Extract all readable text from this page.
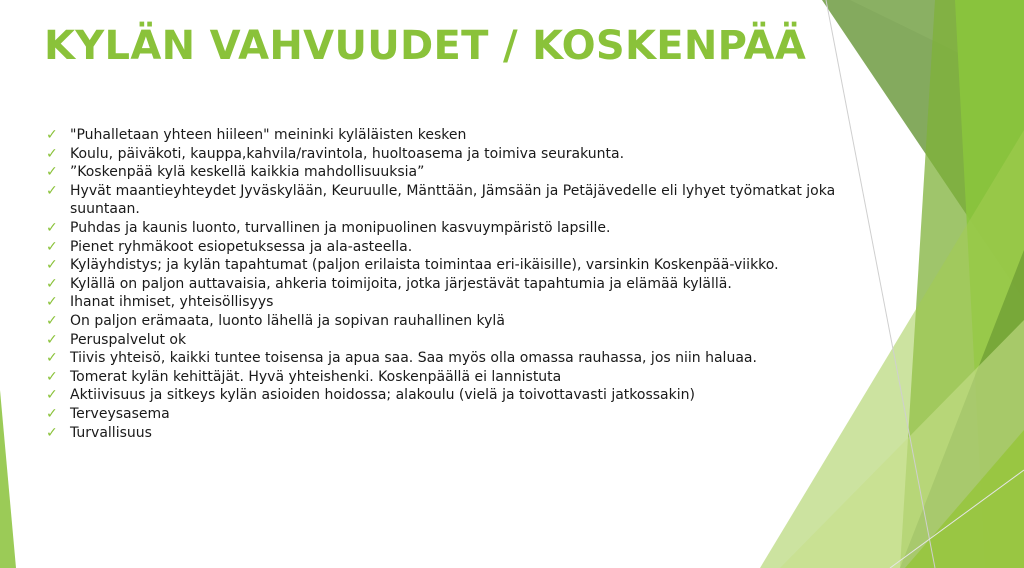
KYLÄN VAHVUUDET / KOSKENPÄÄ
✓ "Puhalletaan yhteen hiileen" meininki kyläläisten kesken
✓ Koulu, päiväkoti, kauppa,kahvila/ravintola, huoltoasema ja toimiva seurakunta.
✓ ”Koskenpää kylä keskellä kaikkia mahdollisuuksia”
✓ Hyvät maantieyhteydet Jyväskylään, Keuruulle, Mänttään, Jämsään ja Petäjävedelle eli lyhyet työmatkat joka suuntaan.
✓ Puhdas ja kaunis luonto, turvallinen ja monipuolinen kasvuympäristö lapsille.
✓ Pienet ryhmäkoot esiopetuksessa ja ala-asteella.
✓ Kyläyhdistys; ja kylän tapahtumat (paljon erilaista toimintaa eri-ikäisille), varsinkin Koskenpää-viikko.
✓ Kylällä on paljon auttavaisia, ahkeria toimijoita, jotka järjestävät tapahtumia ja elämää kylällä.
✓ Ihanat ihmiset, yhteisöllisyys
✓ On paljon erämaata, luonto lähellä ja sopivan rauhallinen kylä
✓ Peruspalvelut ok
✓ Tiivis yhteisö, kaikki tuntee toisensa ja apua saa. Saa myös olla omassa rauhassa, jos niin haluaa.
✓ Tomerat kylän kehittäjät. Hyvä yhteishenki. Koskenpäällä ei lannistuta
✓ Aktiivisuus ja sitkeys kylän asioiden hoidossa; alakoulu (vielä ja toivottavasti jatkossakin)
✓ Terveysasema
✓ Turvallisuus
